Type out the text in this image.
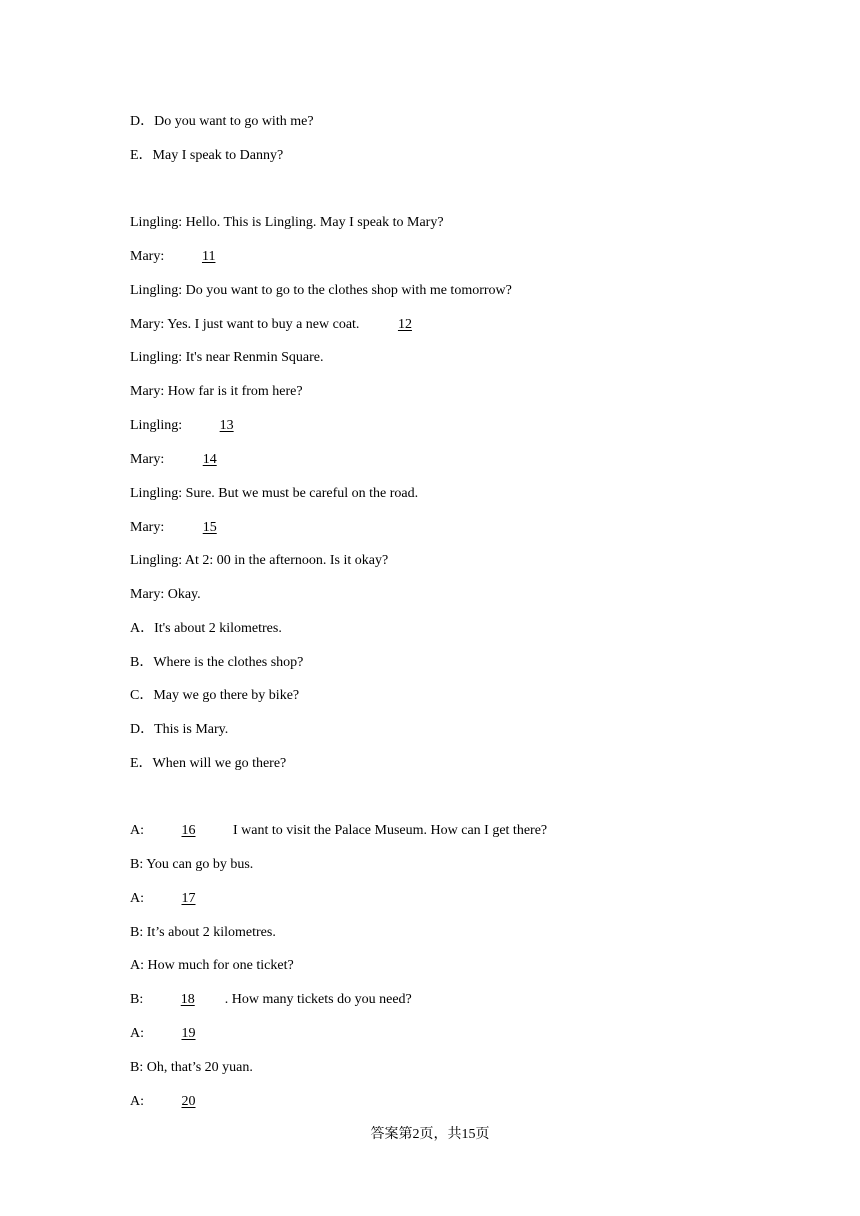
D．Do you want to go with me?
E．May I speak to Danny?
Lingling: Hello. This is Lingling. May I speak to Mary?
Mary:	11
Lingling: Do you want to go to the clothes shop with me tomorrow?
Mary: Yes. I just want to buy a new coat.	12
Lingling: It's near Renmin Square.
Mary: How far is it from here?
Lingling:	13
Mary:	14
Lingling: Sure. But we must be careful on the road.
Mary:	15
Lingling: At 2: 00 in the afternoon. Is it okay?
Mary: Okay.
A．It's about 2 kilometres.
B．Where is the clothes shop?
C．May we go there by bike?
D．This is Mary.
E．When will we go there?
A:	16	I want to visit the Palace Museum. How can I get there?
B: You can go by bus.
A:	17
B: It’s about 2 kilometres.
A: How much for one ticket?
B:	18 . How many tickets do you need?
A:	19
B: Oh, that’s 20 yuan.
A:	20
答案第2页，共15页
